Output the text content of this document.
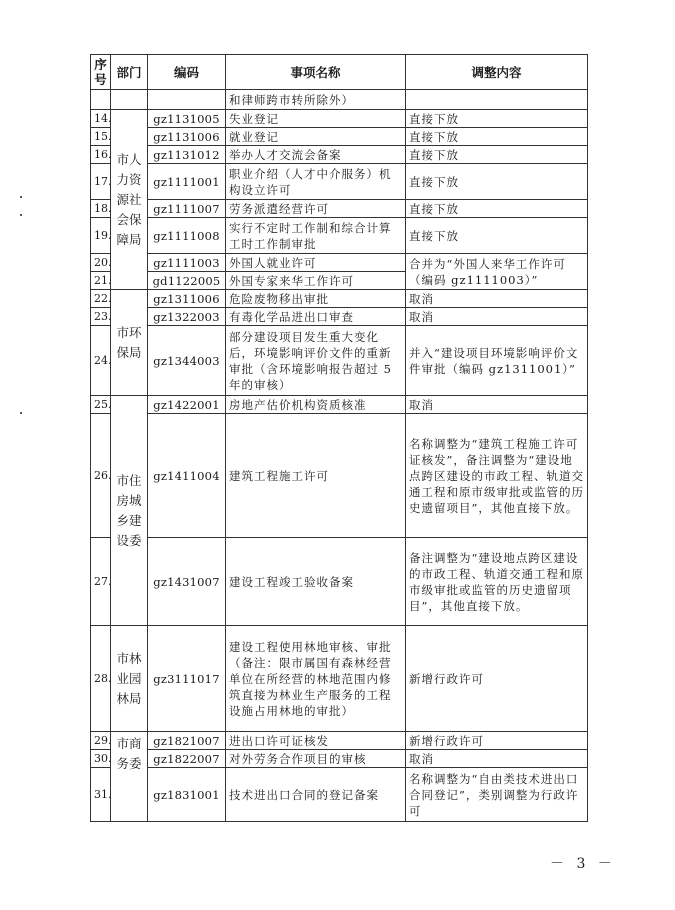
序号	部门	编码	事项名称	调整内容
			和律师跨市转所除外）	
14.	市人力资源社会保障局	gz1131005	失业登记	直接下放
15.		gz1131006	就业登记	直接下放
16.		gz1131012	举办人才交流会备案	直接下放
17.		gz1111001	职业介绍（人才中介服务）机构设立许可	直接下放
18.		gz1111007	劳务派遣经营许可	直接下放
19.		gz1111008	实行不定时工作制和综合计算工时工作制审批	直接下放
20.		gz1111003	外国人就业许可	合并为“外国人来华工作许可（编码 gz1111003）”
21.		gd1122005	外国专家来华工作许可	
22.	市环保局	gz1311006	危险废物移出审批	取消
23.		gz1322003	有毒化学品进出口审查	取消
24.		gz1344003	部分建设项目发生重大变化后，环境影响评价文件的重新审批（含环境影响报告超过 5 年的审核）	并入“建设项目环境影响评价文件审批（编码 gz1311001）”
25.	市住房城乡建设委	gz1422001	房地产估价机构资质核准	取消
26.		gz1411004	建筑工程施工许可	名称调整为“建筑工程施工许可证核发”，备注调整为“建设地点跨区建设的市政工程、轨道交通工程和原市级审批或监管的历史遗留项目”，其他直接下放。
27.		gz1431007	建设工程竣工验收备案	备注调整为“建设地点跨区建设的市政工程、轨道交通工程和原市级审批或监管的历史遗留项目”，其他直接下放。
28.	市林业园林局	gz3111017	建设工程使用林地审核、审批（备注：限市属国有森林经营单位在所经营的林地范围内修筑直接为林业生产服务的工程设施占用林地的审批）	新增行政许可
29.	市商务委	gz1821007	进出口许可证核发	新增行政许可
30.		gz1822007	对外劳务合作项目的审核	取消
31.		gz1831001	技术进出口合同的登记备案	名称调整为“自由类技术进出口合同登记”，类别调整为行政许可
－ 3 －
